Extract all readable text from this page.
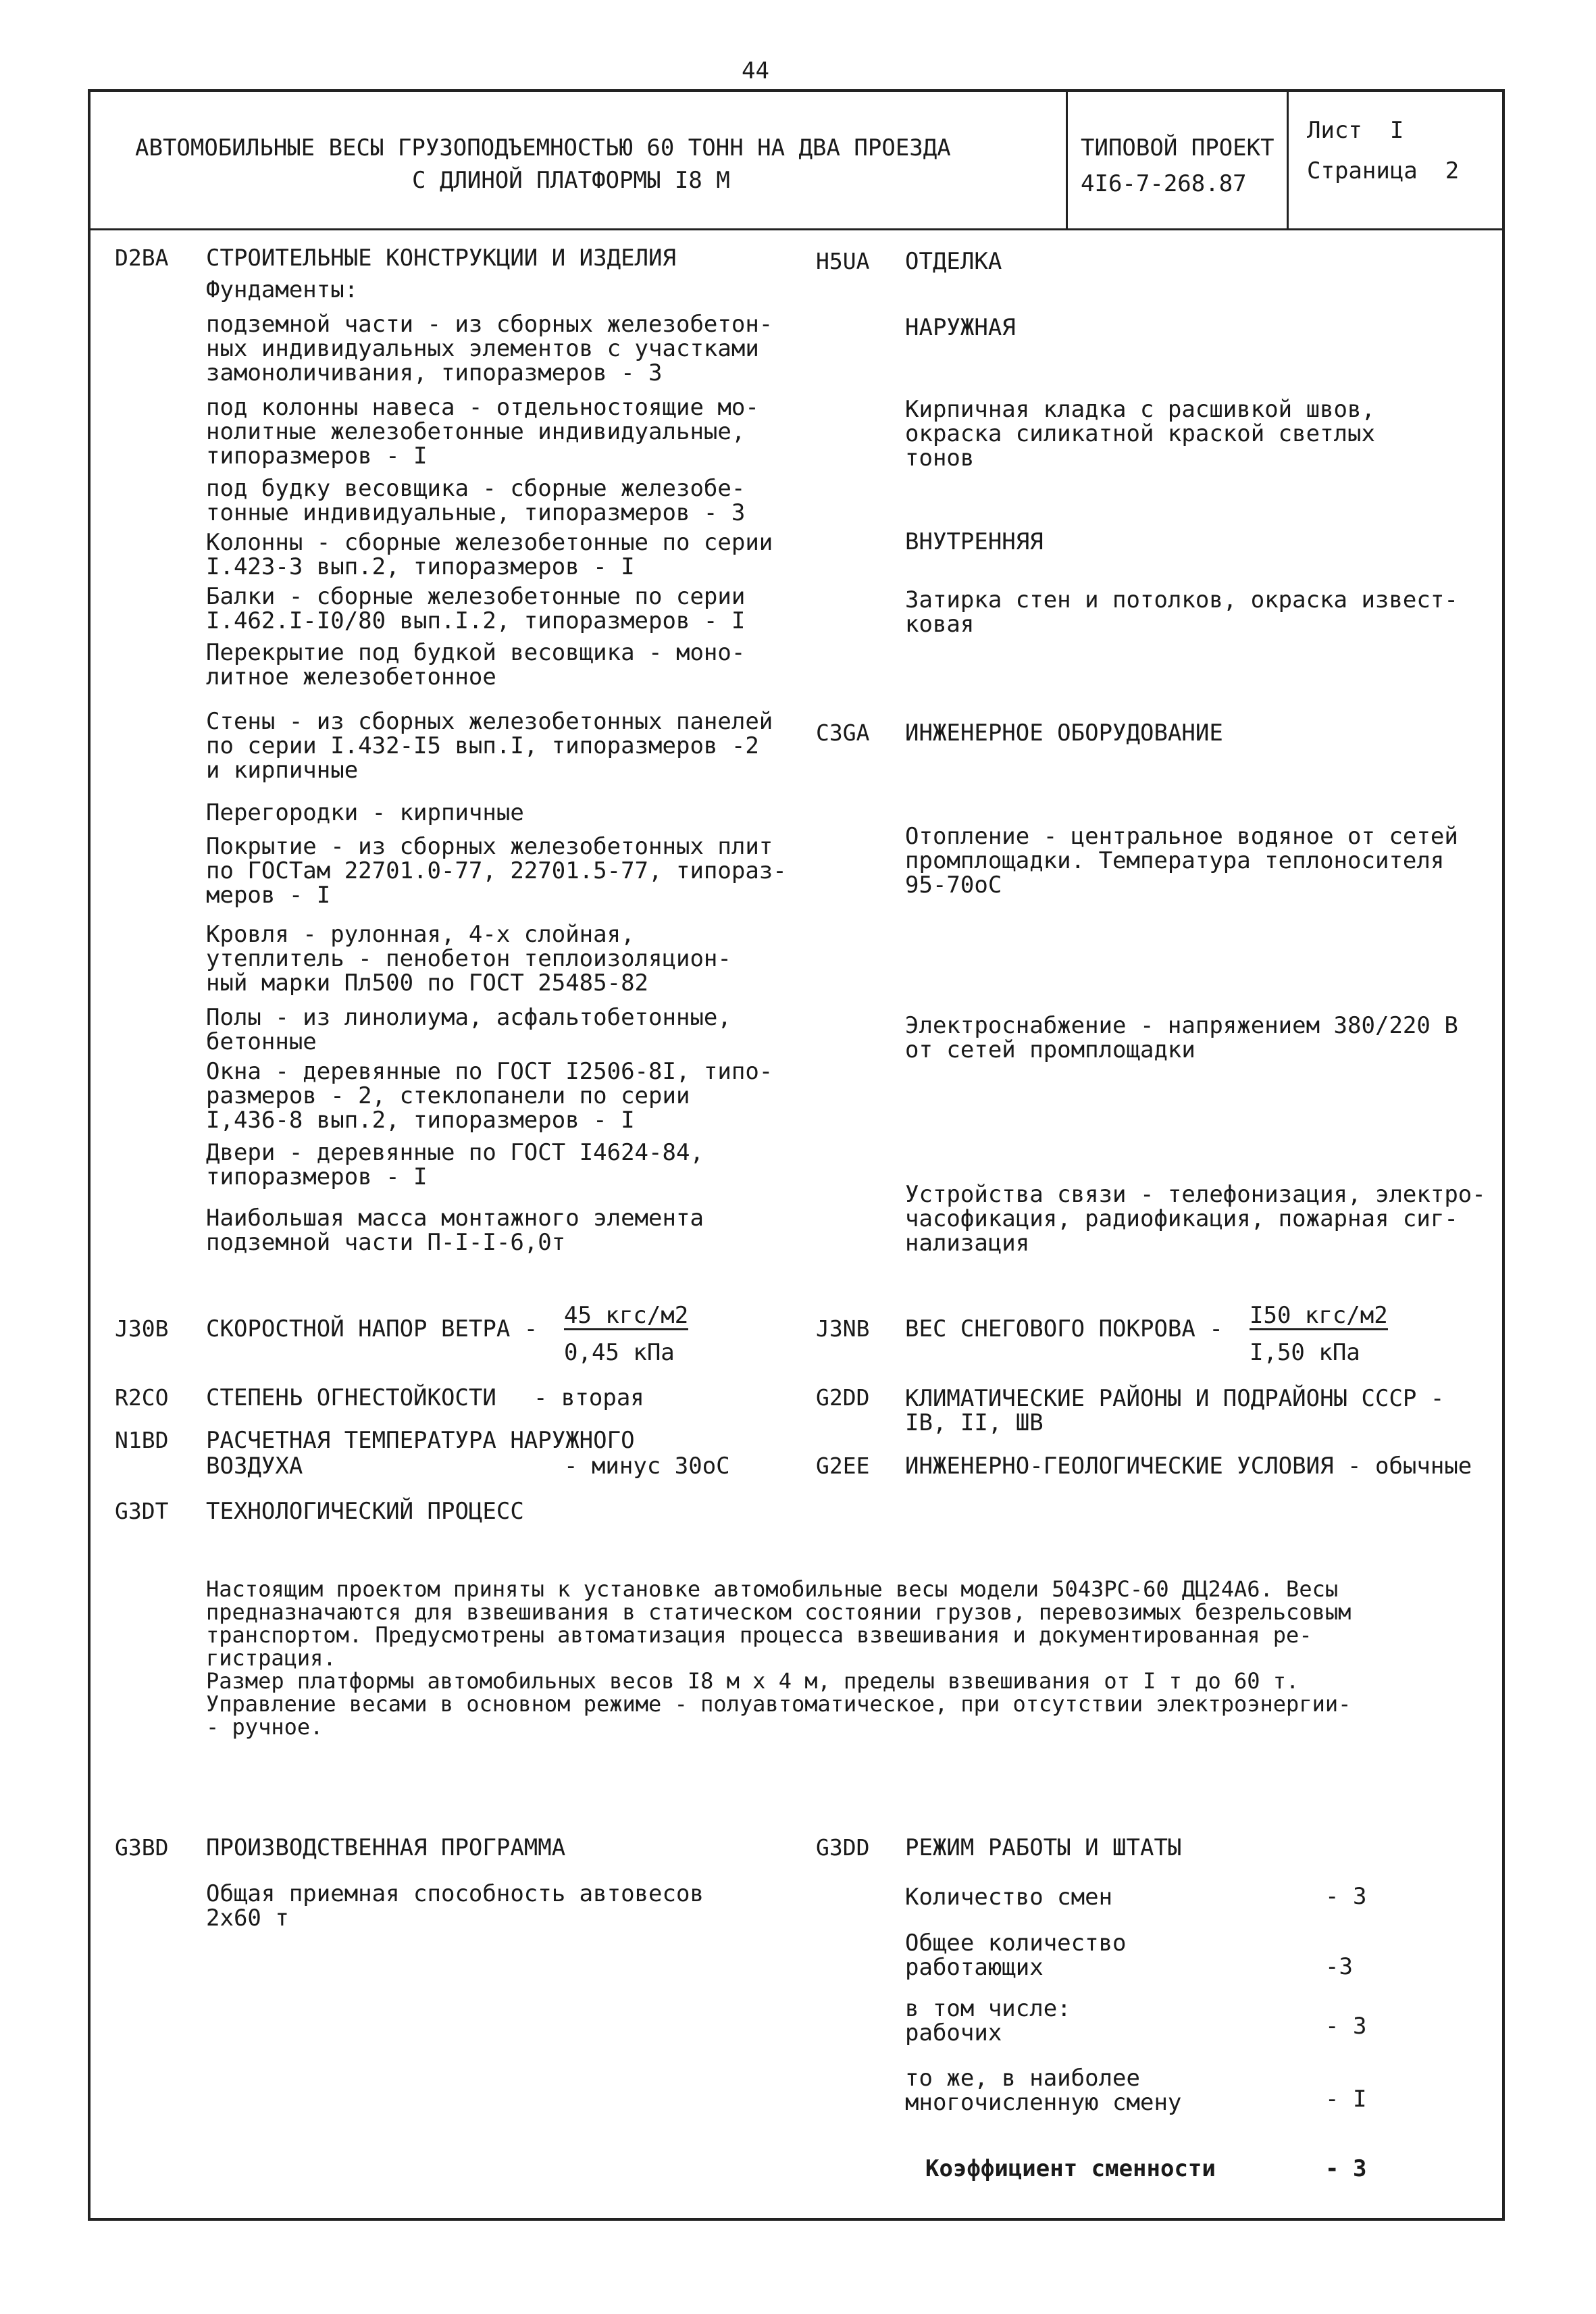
44
АВТОМОБИЛЬНЫЕ ВЕСЫ ГРУЗОПОДЪЕМНОСТЬЮ 60 ТОНН НА ДВА ПРОЕЗДА
С ДЛИНОЙ ПЛАТФОРМЫ I8 М
ТИПОВОЙ ПРОЕКТ
4I6-7-268.87
Лист  I
Страница  2
D2BA СТРОИТЕЛЬНЫЕ КОНСТРУКЦИИ И ИЗДЕЛИЯ
Фундаменты:
подземной части - из сборных железобетон-
ных индивидуальных элементов с участками
замоноличивания, типоразмеров - 3
под колонны навеса - отдельностоящие мо-
нолитные железобетонные индивидуальные,
типоразмеров - I
под будку весовщика - сборные железобе-
тонные индивидуальные, типоразмеров - 3
Колонны - сборные железобетонные по серии
I.423-3 вып.2, типоразмеров - I
Балки - сборные железобетонные по серии
I.462.I-I0/80 вып.I.2, типоразмеров - I
Перекрытие под будкой весовщика - моно-
литное железобетонное
Стены - из сборных железобетонных панелей
по серии I.432-I5 вып.I, типоразмеров -2
и кирпичные
Перегородки - кирпичные
Покрытие - из сборных железобетонных плит
по ГОСТам 22701.0-77, 22701.5-77, типораз-
меров - I
Кровля - рулонная, 4-х слойная,
утеплитель - пенобетон теплоизоляцион-
ный марки Пл500 по ГОСТ 25485-82
Полы - из линолиума, асфальтобетонные,
бетонные
Окна - деревянные по ГОСТ I2506-8I, типо-
размеров - 2, стеклопанели по серии
I,436-8 вып.2, типоразмеров - I
Двери - деревянные по ГОСТ I4624-84,
типоразмеров - I
Наибольшая масса монтажного элемента
подземной части П-I-I-6,0т
H5UA ОТДЕЛКА
НАРУЖНАЯ
Кирпичная кладка с расшивкой швов,
окраска силикатной краской светлых
тонов
ВНУТРЕННЯЯ
Затирка стен и потолков, окраска извест-
ковая
C3GA ИНЖЕНЕРНОЕ ОБОРУДОВАНИЕ
Отопление - центральное водяное от сетей
промплощадки. Температура теплоносителя
95-70оС
Электроснабжение - напряжением 380/220 В
от сетей промплощадки
Устройства связи - телефонизация, электро-
часофикация, радиофикация, пожарная сиг-
нализация
J30B СКОРОСТНОЙ НАПОР ВЕТРА - 45 кгс/м2
0,45 кПа
J3NB ВЕС СНЕГОВОГО ПОКРОВА - I50 кгс/м2
I,50 кПа
R2CO СТЕПЕНЬ ОГНЕСТОЙКОСТИ - вторая	G2DD КЛИМАТИЧЕСКИЕ РАЙОНЫ И ПОДРАЙОНЫ СССР -
IВ, II, ШВ
N1BD РАСЧЕТНАЯ ТЕМПЕРАТУРА НАРУЖНОГО
ВОЗДУХА	- минус 30оС	G2EE ИНЖЕНЕРНО-ГЕОЛОГИЧЕСКИЕ УСЛОВИЯ - обычные
G3DT ТЕХНОЛОГИЧЕСКИЙ ПРОЦЕСС
Настоящим проектом приняты к установке автомобильные весы модели 5043РС-60 ДЦ24А6. Весы
предназначаются для взвешивания в статическом состоянии грузов, перевозимых безрельсовым
транспортом. Предусмотрены автоматизация процесса взвешивания и документированная ре-
гистрация.
Размер платформы автомобильных весов I8 м х 4 м, пределы взвешивания от I т до 60 т.
Управление весами в основном режиме - полуавтоматическое, при отсутствии электроэнергии-
- ручное.
G3BD ПРОИЗВОДСТВЕННАЯ ПРОГРАММА
Общая приемная способность автовесов
2х60 т
G3DD РЕЖИМ РАБОТЫ И ШТАТЫ
Количество смен	- 3
Общее количество
работающих	-3
в том числе:
рабочих	- 3
то же, в наиболее
многочисленную смену	- I
Коэффициент сменности	- 3
